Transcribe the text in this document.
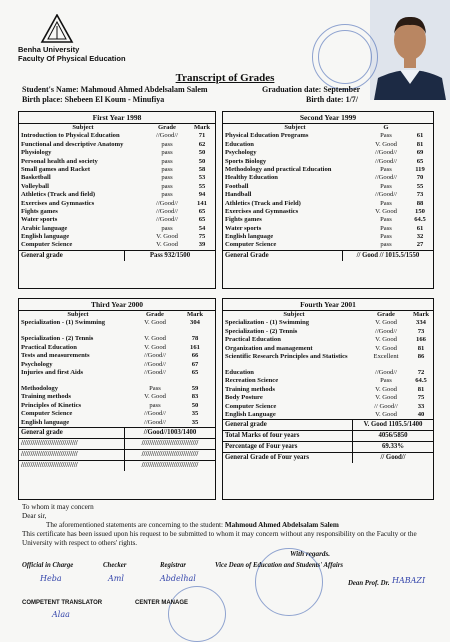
Benha University
Faculty Of Physical Education
Transcript of Grades
Student's Name: Mahmoud Ahmed Abdelsalam Salem
Birth place: Shebeen El Koum - Minufiya
Graduation date: September
Birth date: 1/7/
First Year 1998
Subject	Grade	Mark
Introduction to Physical Education	//Good//	71
Functional and descriptive Anatomy	pass	62
Physiology	pass	50
Personal health and society	pass	50
Small games and Racket	pass	58
Basketball	pass	53
Volleyball	pass	55
Athletics (Track and field)	pass	94
Exercises and Gymnastics	//Good//	141
Fights games	//Good//	65
Water sports	//Good//	65
Arabic language	pass	54
English language	V. Good	75
Computer Science	V. Good	39
General grade	Pass 932/1500
Second Year 1999
Subject	G
Physical Education Programs	Pass	61
Education	V. Good	81
Psychology	//Good//	69
Sports Biology	//Good//	65
Methodology and practical Education	Pass	119
Healthy Education	//Good//	70
Football	Pass	55
Handball	//Good//	73
Athletics (Track and Field)	Pass	88
Exercises and Gymnastics	V. Good	150
Fights games	Pass	64.5
Water sports	Pass	61
English language	Pass	32
Computer Science	pass	27
General Grade	// Good // 1015.5/1550
Third Year 2000
Subject	Grade	Mark
Specialization - (1) Swimming	V. Good	304
Specialization - (2) Tennis	V. Good	78
Practical Education	V. Good	161
Tests and measurements	//Good//	66
Psychology	//Good//	67
Injuries and first Aids	//Good//	65
Methodology	Pass	59
Training methods	V. Good	83
Principles of Kinetics	pass	50
Computer Science	//Good//	35
English language	//Good//	35
General grade	//Good//1003/1400
//////////////////////////////	//////////////////////////////
//////////////////////////////	//////////////////////////////
//////////////////////////////	//////////////////////////////
Fourth Year 2001
Subject	Grade	Mark
Specialization - (1) Swimming	V. Good	334
Specialization - (2) Tennis	//Good//	73
Practical Education	V. Good	166
Organization and management	V. Good	81
Scientific Research Principles and Statistics	Excellent	86
Education	//Good//	72
Recreation Science	Pass	64.5
Training methods	V. Good	81
Body Posture	V. Good	75
Computer Science	// Good//	33
English Language	V. Good	40
General grade	V. Good 1105.5/1400
Total Marks of four years	4056/5850
Percentage of Four years	69.33%
General Grade of Four years	// Good//
To whom it may concern
Dear sir,
The aforementioned statements are concerning to the student: Mahmoud Ahmed Abdelsalam Salem
This certificate has been issued upon his request to be submitted to whom it may concern without any responsibility on the Faculty or the University with respect to others' rights.
With regards.
Official in Charge	Checker	Registrar	Vice Dean of Education and Students' Affairs
Dean Prof. Dr.
Heba	Aml	Abdelhal	HABAZI
COMPETENT TRANSLATOR	CENTER MANAGE
Alaa
